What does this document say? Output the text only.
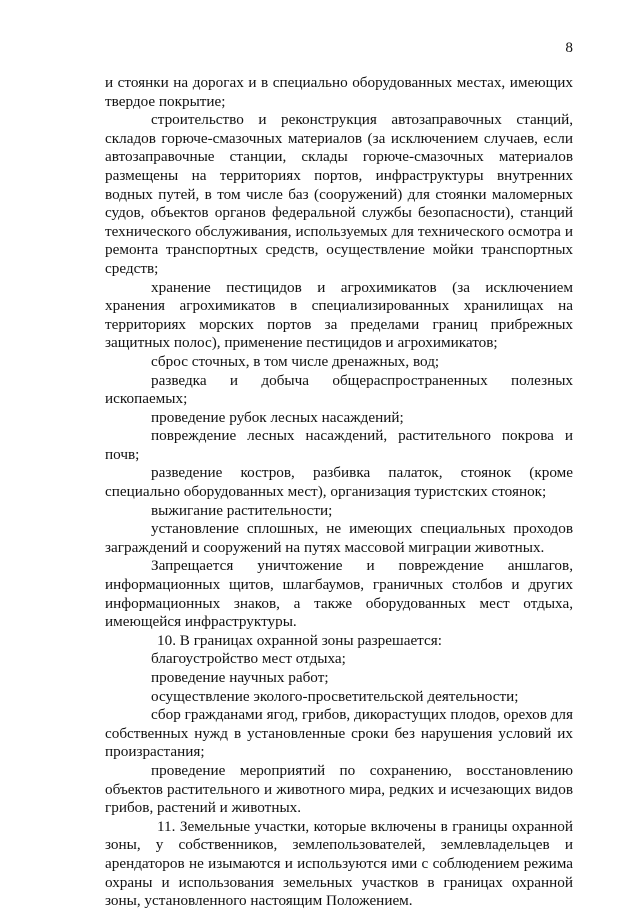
8

и стоянки на дорогах и в специально оборудованных местах, имеющих твердое покрытие;

строительство и реконструкция автозаправочных станций, складов горюче-смазочных материалов (за исключением случаев, если автозаправочные станции, склады горюче-смазочных материалов размещены на территориях портов, инфраструктуры внутренних водных путей, в том числе баз (сооружений) для стоянки маломерных судов, объектов органов федеральной службы безопасности), станций технического обслуживания, используемых для технического осмотра и ремонта транспортных средств, осуществление мойки транспортных средств;

хранение пестицидов и агрохимикатов (за исключением хранения агрохимикатов в специализированных хранилищах на территориях морских портов за пределами границ прибрежных защитных полос), применение пестицидов и агрохимикатов;

сброс сточных, в том числе дренажных, вод;

разведка и добыча общераспространенных полезных ископаемых;

проведение рубок лесных насаждений;

повреждение лесных насаждений, растительного покрова и почв;

разведение костров, разбивка палаток, стоянок (кроме специально оборудованных мест), организация туристских стоянок;

выжигание растительности;

установление сплошных, не имеющих специальных проходов заграждений и сооружений на путях массовой миграции животных.

Запрещается уничтожение и повреждение аншлагов, информационных щитов, шлагбаумов, граничных столбов и других информационных знаков, а также оборудованных мест отдыха, имеющейся инфраструктуры.

10. В границах охранной зоны разрешается:

благоустройство мест отдыха;

проведение научных работ;

осуществление эколого-просветительской деятельности;

сбор гражданами ягод, грибов, дикорастущих плодов, орехов для собственных нужд в установленные сроки без нарушения условий их произрастания;

проведение мероприятий по сохранению, восстановлению объектов растительного и животного мира, редких и исчезающих видов грибов, растений и животных.

11. Земельные участки, которые включены в границы охранной зоны, у собственников, землепользователей, землевладельцев и арендаторов не изымаются и используются ими с соблюдением режима охраны и использования земельных участков в границах охранной зоны, установленного настоящим Положением.
